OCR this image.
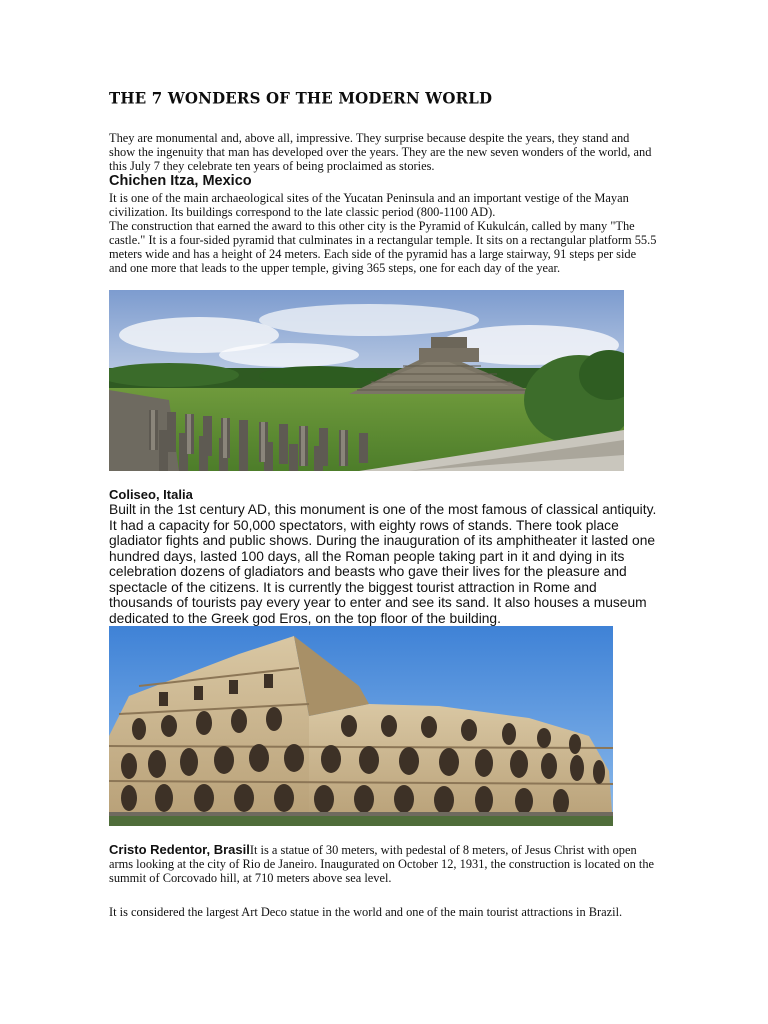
THE 7 WONDERS OF THE MODERN WORLD
They are monumental and, above all, impressive. They surprise because despite the years, they stand and show the ingenuity that man has developed over the years. They are the new seven wonders of the world, and this July 7 they celebrate ten years of being proclaimed as stories.
Chichen Itza, Mexico
It is one of the main archaeological sites of the Yucatan Peninsula and an important vestige of the Mayan civilization. Its buildings correspond to the late classic period (800-1100 AD).
The construction that earned the award to this other city is the Pyramid of Kukulcán, called by many "The castle." It is a four-sided pyramid that culminates in a rectangular temple. It sits on a rectangular platform 55.5 meters wide and has a height of 24 meters. Each side of the pyramid has a large stairway, 91 steps per side and one more that leads to the upper temple, giving 365 steps, one for each day of the year.
Coliseo, Italia
Built in the 1st century AD, this monument is one of the most famous of classical antiquity. It had a capacity for 50,000 spectators, with eighty rows of stands. There took place gladiator fights and public shows. During the inauguration of its amphitheater it lasted one hundred days, lasted 100 days, all the Roman people taking part in it and dying in its celebration dozens of gladiators and beasts who gave their lives for the pleasure and spectacle of the citizens. It is currently the biggest tourist attraction in Rome and thousands of tourists pay every year to enter and see its sand. It also houses a museum dedicated to the Greek god Eros, on the top floor of the building.
Cristo Redentor, BrasilIt is a statue of 30 meters, with pedestal of 8 meters, of Jesus Christ with open arms looking at the city of Rio de Janeiro. Inaugurated on October 12, 1931, the construction is located on the summit of Corcovado hill, at 710 meters above sea level.
It is considered the largest Art Deco statue in the world and one of the main tourist attractions in Brazil.
